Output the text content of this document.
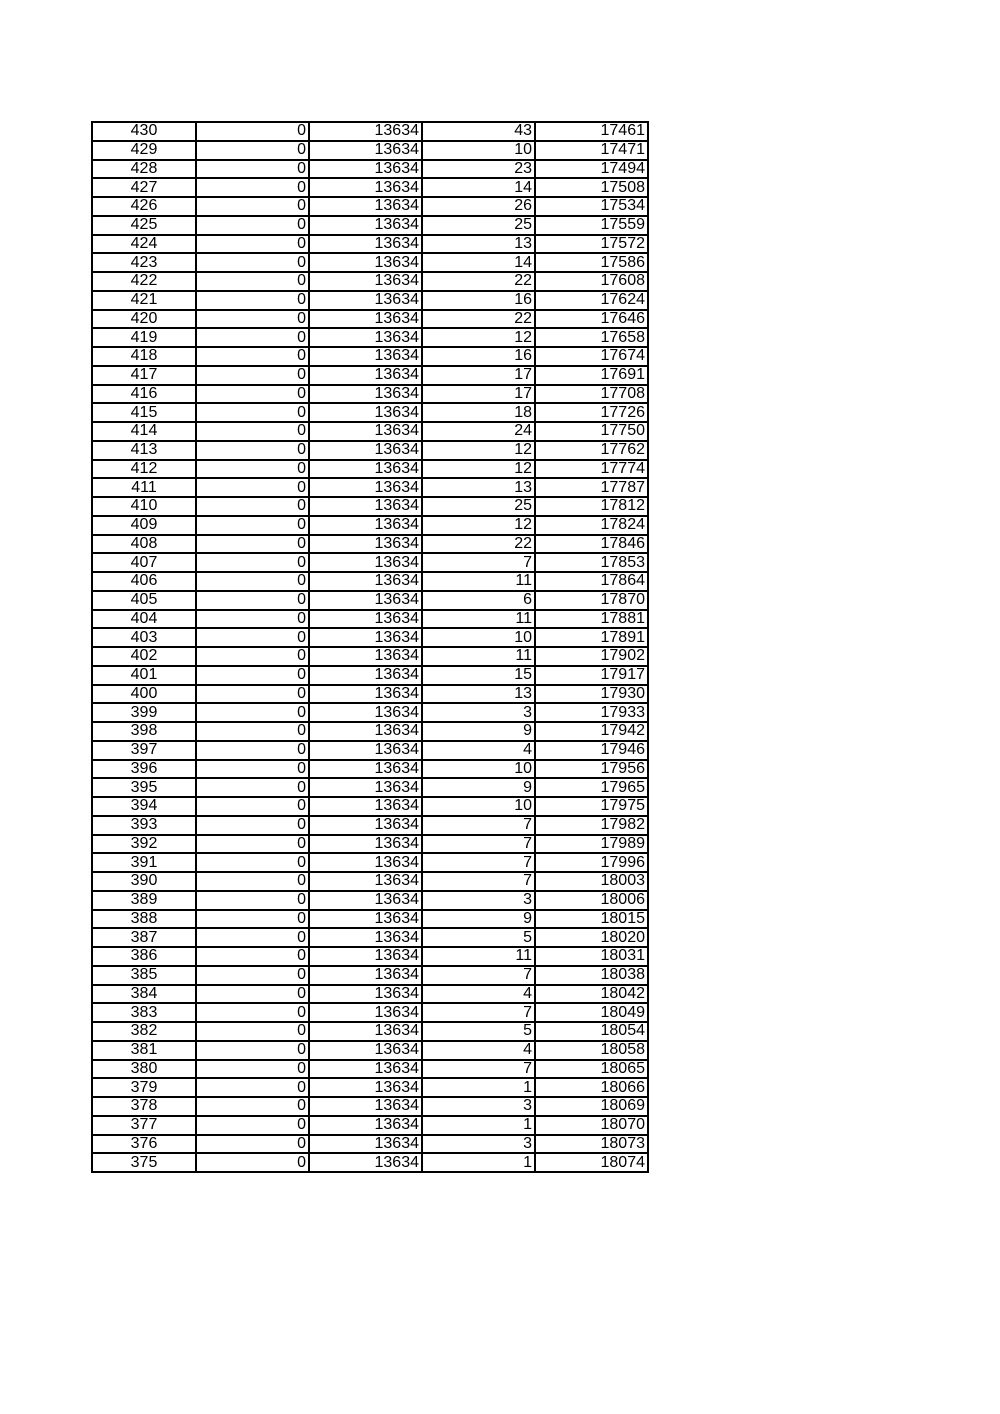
430	0	13634	43	17461
429	0	13634	10	17471
428	0	13634	23	17494
427	0	13634	14	17508
426	0	13634	26	17534
425	0	13634	25	17559
424	0	13634	13	17572
423	0	13634	14	17586
422	0	13634	22	17608
421	0	13634	16	17624
420	0	13634	22	17646
419	0	13634	12	17658
418	0	13634	16	17674
417	0	13634	17	17691
416	0	13634	17	17708
415	0	13634	18	17726
414	0	13634	24	17750
413	0	13634	12	17762
412	0	13634	12	17774
411	0	13634	13	17787
410	0	13634	25	17812
409	0	13634	12	17824
408	0	13634	22	17846
407	0	13634	7	17853
406	0	13634	11	17864
405	0	13634	6	17870
404	0	13634	11	17881
403	0	13634	10	17891
402	0	13634	11	17902
401	0	13634	15	17917
400	0	13634	13	17930
399	0	13634	3	17933
398	0	13634	9	17942
397	0	13634	4	17946
396	0	13634	10	17956
395	0	13634	9	17965
394	0	13634	10	17975
393	0	13634	7	17982
392	0	13634	7	17989
391	0	13634	7	17996
390	0	13634	7	18003
389	0	13634	3	18006
388	0	13634	9	18015
387	0	13634	5	18020
386	0	13634	11	18031
385	0	13634	7	18038
384	0	13634	4	18042
383	0	13634	7	18049
382	0	13634	5	18054
381	0	13634	4	18058
380	0	13634	7	18065
379	0	13634	1	18066
378	0	13634	3	18069
377	0	13634	1	18070
376	0	13634	3	18073
375	0	13634	1	18074
